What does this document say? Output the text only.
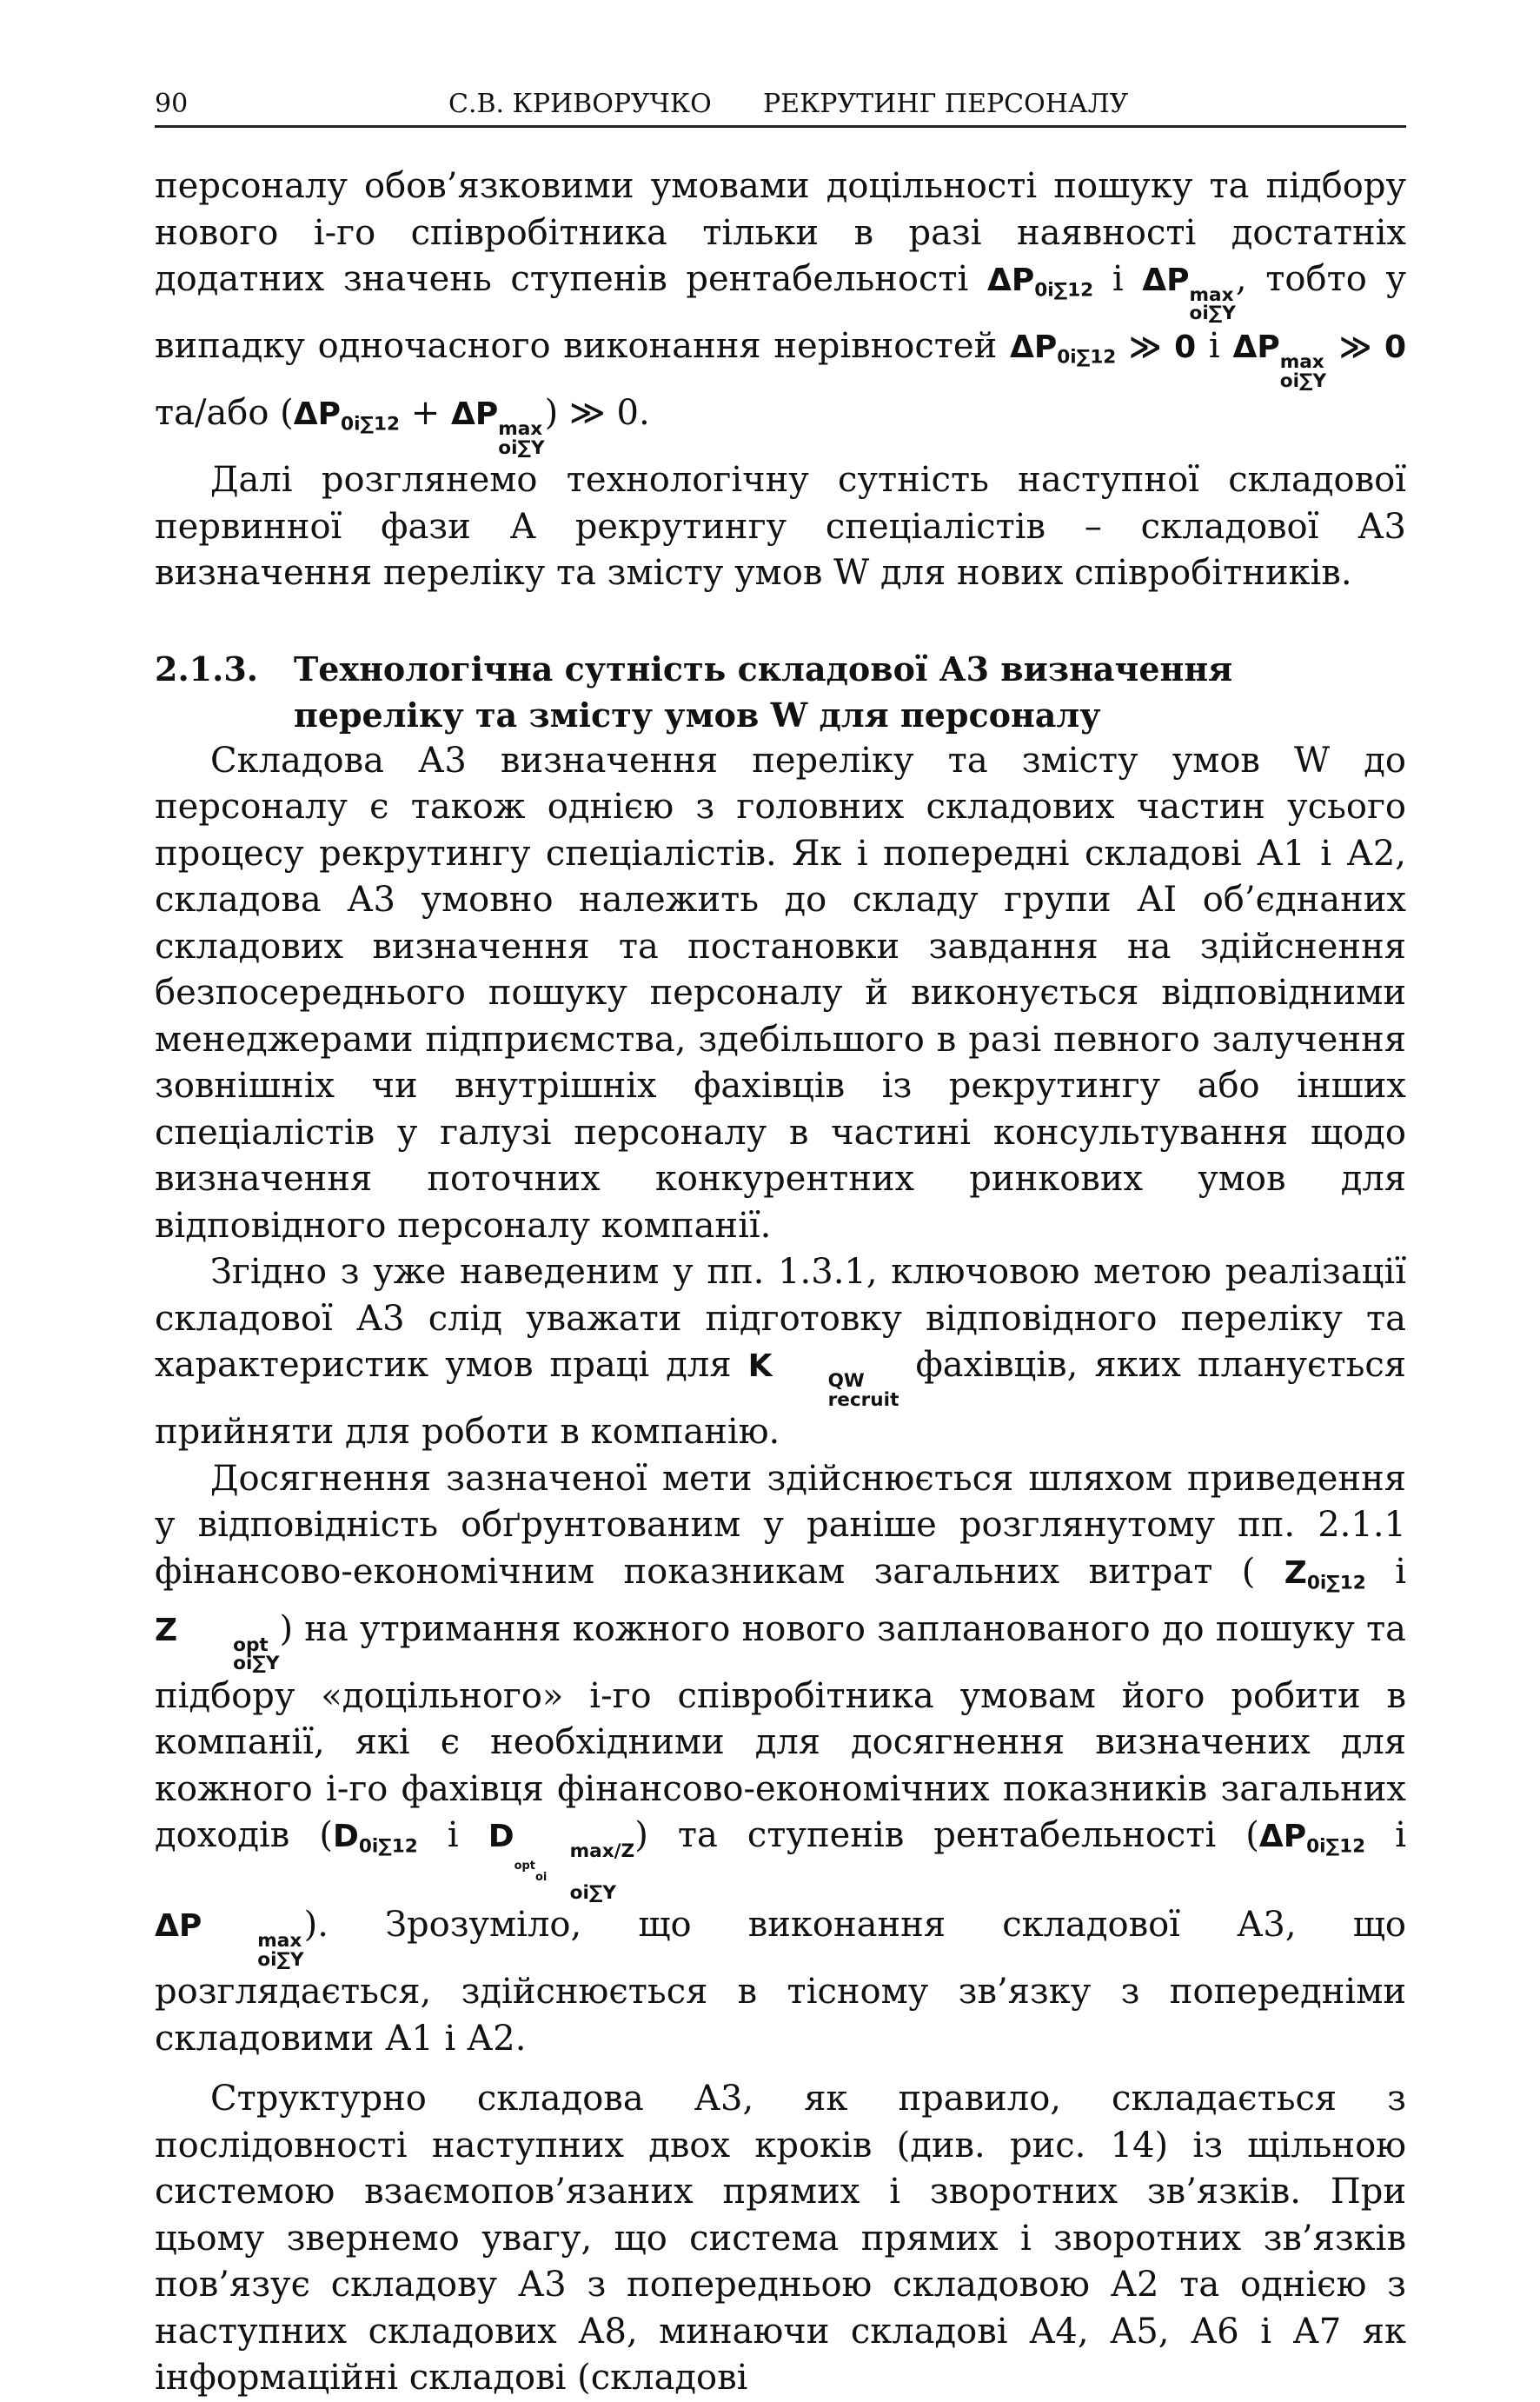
90	С.В. КРИВОРУЧКО РЕКРУТИНГ ПЕРСОНАЛУ

персоналу обов’язковими умовами доцільності пошуку та підбору нового і-го співробітника тільки в разі наявності достатніх додатних значень ступенів рентабельності $\Delta P_{0i\sum 12}$ і ΔP max
oi∑Y
, тобто у випадку одночасного виконання нерівностей $\Delta P_{0i\sum 12}$ ≫ 0 і ΔP max
oi∑Y
≫ 0 та/або ($\Delta P_{0i\sum 12} + \Delta P$ max
oi∑Y
) ≫ 0.

Далі розглянемо технологічну сутність наступної складової первинної фази А рекрутингу спеціалістів – складової А3 визначення переліку та змісту умов W для нових співробітників.

2.1.3.	Технологічна сутність складової А3 визначення переліку та змісту умов W для персоналу

Складова А3 визначення переліку та змісту умов W до персоналу є також однією з головних складових частин усього процесу рекрутингу спеціалістів. Як і попередні складові А1 і А2, складова А3 умовно належить до складу групи АІ об’єднаних складових визначення та постановки завдання на здійснення безпосереднього пошуку персоналу й виконується відповідними менеджерами підприємства, здебільшого в разі певного залучення зовнішніх чи внутрішніх фахівців із рекрутингу або інших спеціалістів у галузі персоналу в частині консультування щодо визначення поточних конкурентних ринкових умов для відповідного персоналу компанії.

Згідно з уже наведеним у пп. 1.3.1, ключовою метою реалізації складової А3 слід уважати підготовку відповідного переліку та характеристик умов праці для K	QW
recruit
фахівців, яких планується прийняти для роботи в компанію.

Досягнення зазначеної мети здійснюється шляхом приведення у відповідність обґрунтованим у раніше розглянутому пп. 2.1.1 фінансово-економічним показникам загальних витрат ( $Z_{0i\sum 12}$ і Z	opt
oi∑Y
) на утримання кожного нового запланованого до пошуку та підбору «доцільного» і-го співробітника умовам його робити в компанії, які є необхідними для досягнення визначених для кожного і-го фахівця фінансово-економічних показників загальних доходів ($D_{0i\sum 12}$ і D	max/Z
$^{opt}_{oi}$
oi∑Y
) та ступенів рентабельності ($\Delta P_{0i\sum 12}$ і ΔP	max
oi∑Y
). Зрозуміло, що виконання складової А3, що розглядається, здійснюється в тісному зв’язку з попередніми складовими А1 і А2.

Структурно складова А3, як правило, складається з послідовності наступних двох кроків (див. рис. 14) із щільною системою взаємопов’язаних прямих і зворотних зв’язків. При цьому звернемо увагу, що система прямих і зворотних зв’язків пов’язує складову А3 з попередньою складовою А2 та однією з наступних складових А8, минаючи складові А4, А5, А6 і А7 як інформаційні складові (складові
